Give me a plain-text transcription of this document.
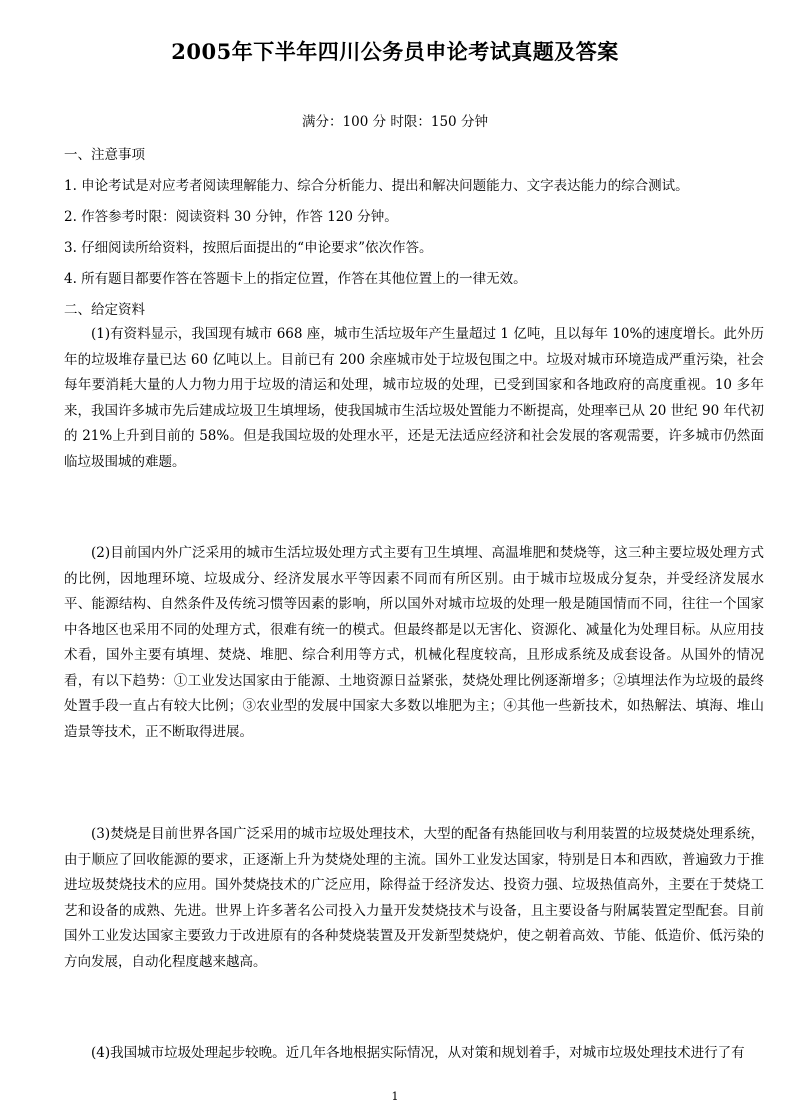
2005年下半年四川公务员申论考试真题及答案
满分：100 分 时限：150 分钟
一、注意事项
1. 申论考试是对应考者阅读理解能力、综合分析能力、提出和解决问题能力、文字表达能力的综合测试。
2. 作答参考时限：阅读资料 30 分钟，作答 120 分钟。
3. 仔细阅读所给资料，按照后面提出的“申论要求”依次作答。
4. 所有题目都要作答在答题卡上的指定位置，作答在其他位置上的一律无效。
二、给定资料
(1)有资料显示，我国现有城市 668 座，城市生活垃圾年产生量超过 1 亿吨，且以每年 10%的速度增长。此外历年的垃圾堆存量已达 60 亿吨以上。目前已有 200 余座城市处于垃圾包围之中。垃圾对城市环境造成严重污染，社会每年要消耗大量的人力物力用于垃圾的清运和处理，城市垃圾的处理，已受到国家和各地政府的高度重视。10 多年来，我国许多城市先后建成垃圾卫生填埋场，使我国城市生活垃圾处置能力不断提高，处理率已从 20 世纪 90 年代初的 21%上升到目前的 58%。但是我国垃圾的处理水平，还是无法适应经济和社会发展的客观需要，许多城市仍然面临垃圾围城的难题。
(2)目前国内外广泛采用的城市生活垃圾处理方式主要有卫生填埋、高温堆肥和焚烧等，这三种主要垃圾处理方式的比例，因地理环境、垃圾成分、经济发展水平等因素不同而有所区别。由于城市垃圾成分复杂，并受经济发展水平、能源结构、自然条件及传统习惯等因素的影响，所以国外对城市垃圾的处理一般是随国情而不同，往往一个国家中各地区也采用不同的处理方式，很难有统一的模式。但最终都是以无害化、资源化、减量化为处理目标。从应用技术看，国外主要有填埋、焚烧、堆肥、综合利用等方式，机械化程度较高，且形成系统及成套设备。从国外的情况看，有以下趋势：①工业发达国家由于能源、土地资源日益紧张，焚烧处理比例逐渐增多；②填埋法作为垃圾的最终处置手段一直占有较大比例；③农业型的发展中国家大多数以堆肥为主；④其他一些新技术，如热解法、填海、堆山造景等技术，正不断取得进展。
(3)焚烧是目前世界各国广泛采用的城市垃圾处理技术，大型的配备有热能回收与利用装置的垃圾焚烧处理系统，由于顺应了回收能源的要求，正逐渐上升为焚烧处理的主流。国外工业发达国家，特别是日本和西欧，普遍致力于推进垃圾焚烧技术的应用。国外焚烧技术的广泛应用，除得益于经济发达、投资力强、垃圾热值高外，主要在于焚烧工艺和设备的成熟、先进。世界上许多著名公司投入力量开发焚烧技术与设备，且主要设备与附属装置定型配套。目前国外工业发达国家主要致力于改进原有的各种焚烧装置及开发新型焚烧炉，使之朝着高效、节能、低造价、低污染的方向发展，自动化程度越来越高。
(4)我国城市垃圾处理起步较晚。近几年各地根据实际情况，从对策和规划着手，对城市垃圾处理技术进行了有
1
